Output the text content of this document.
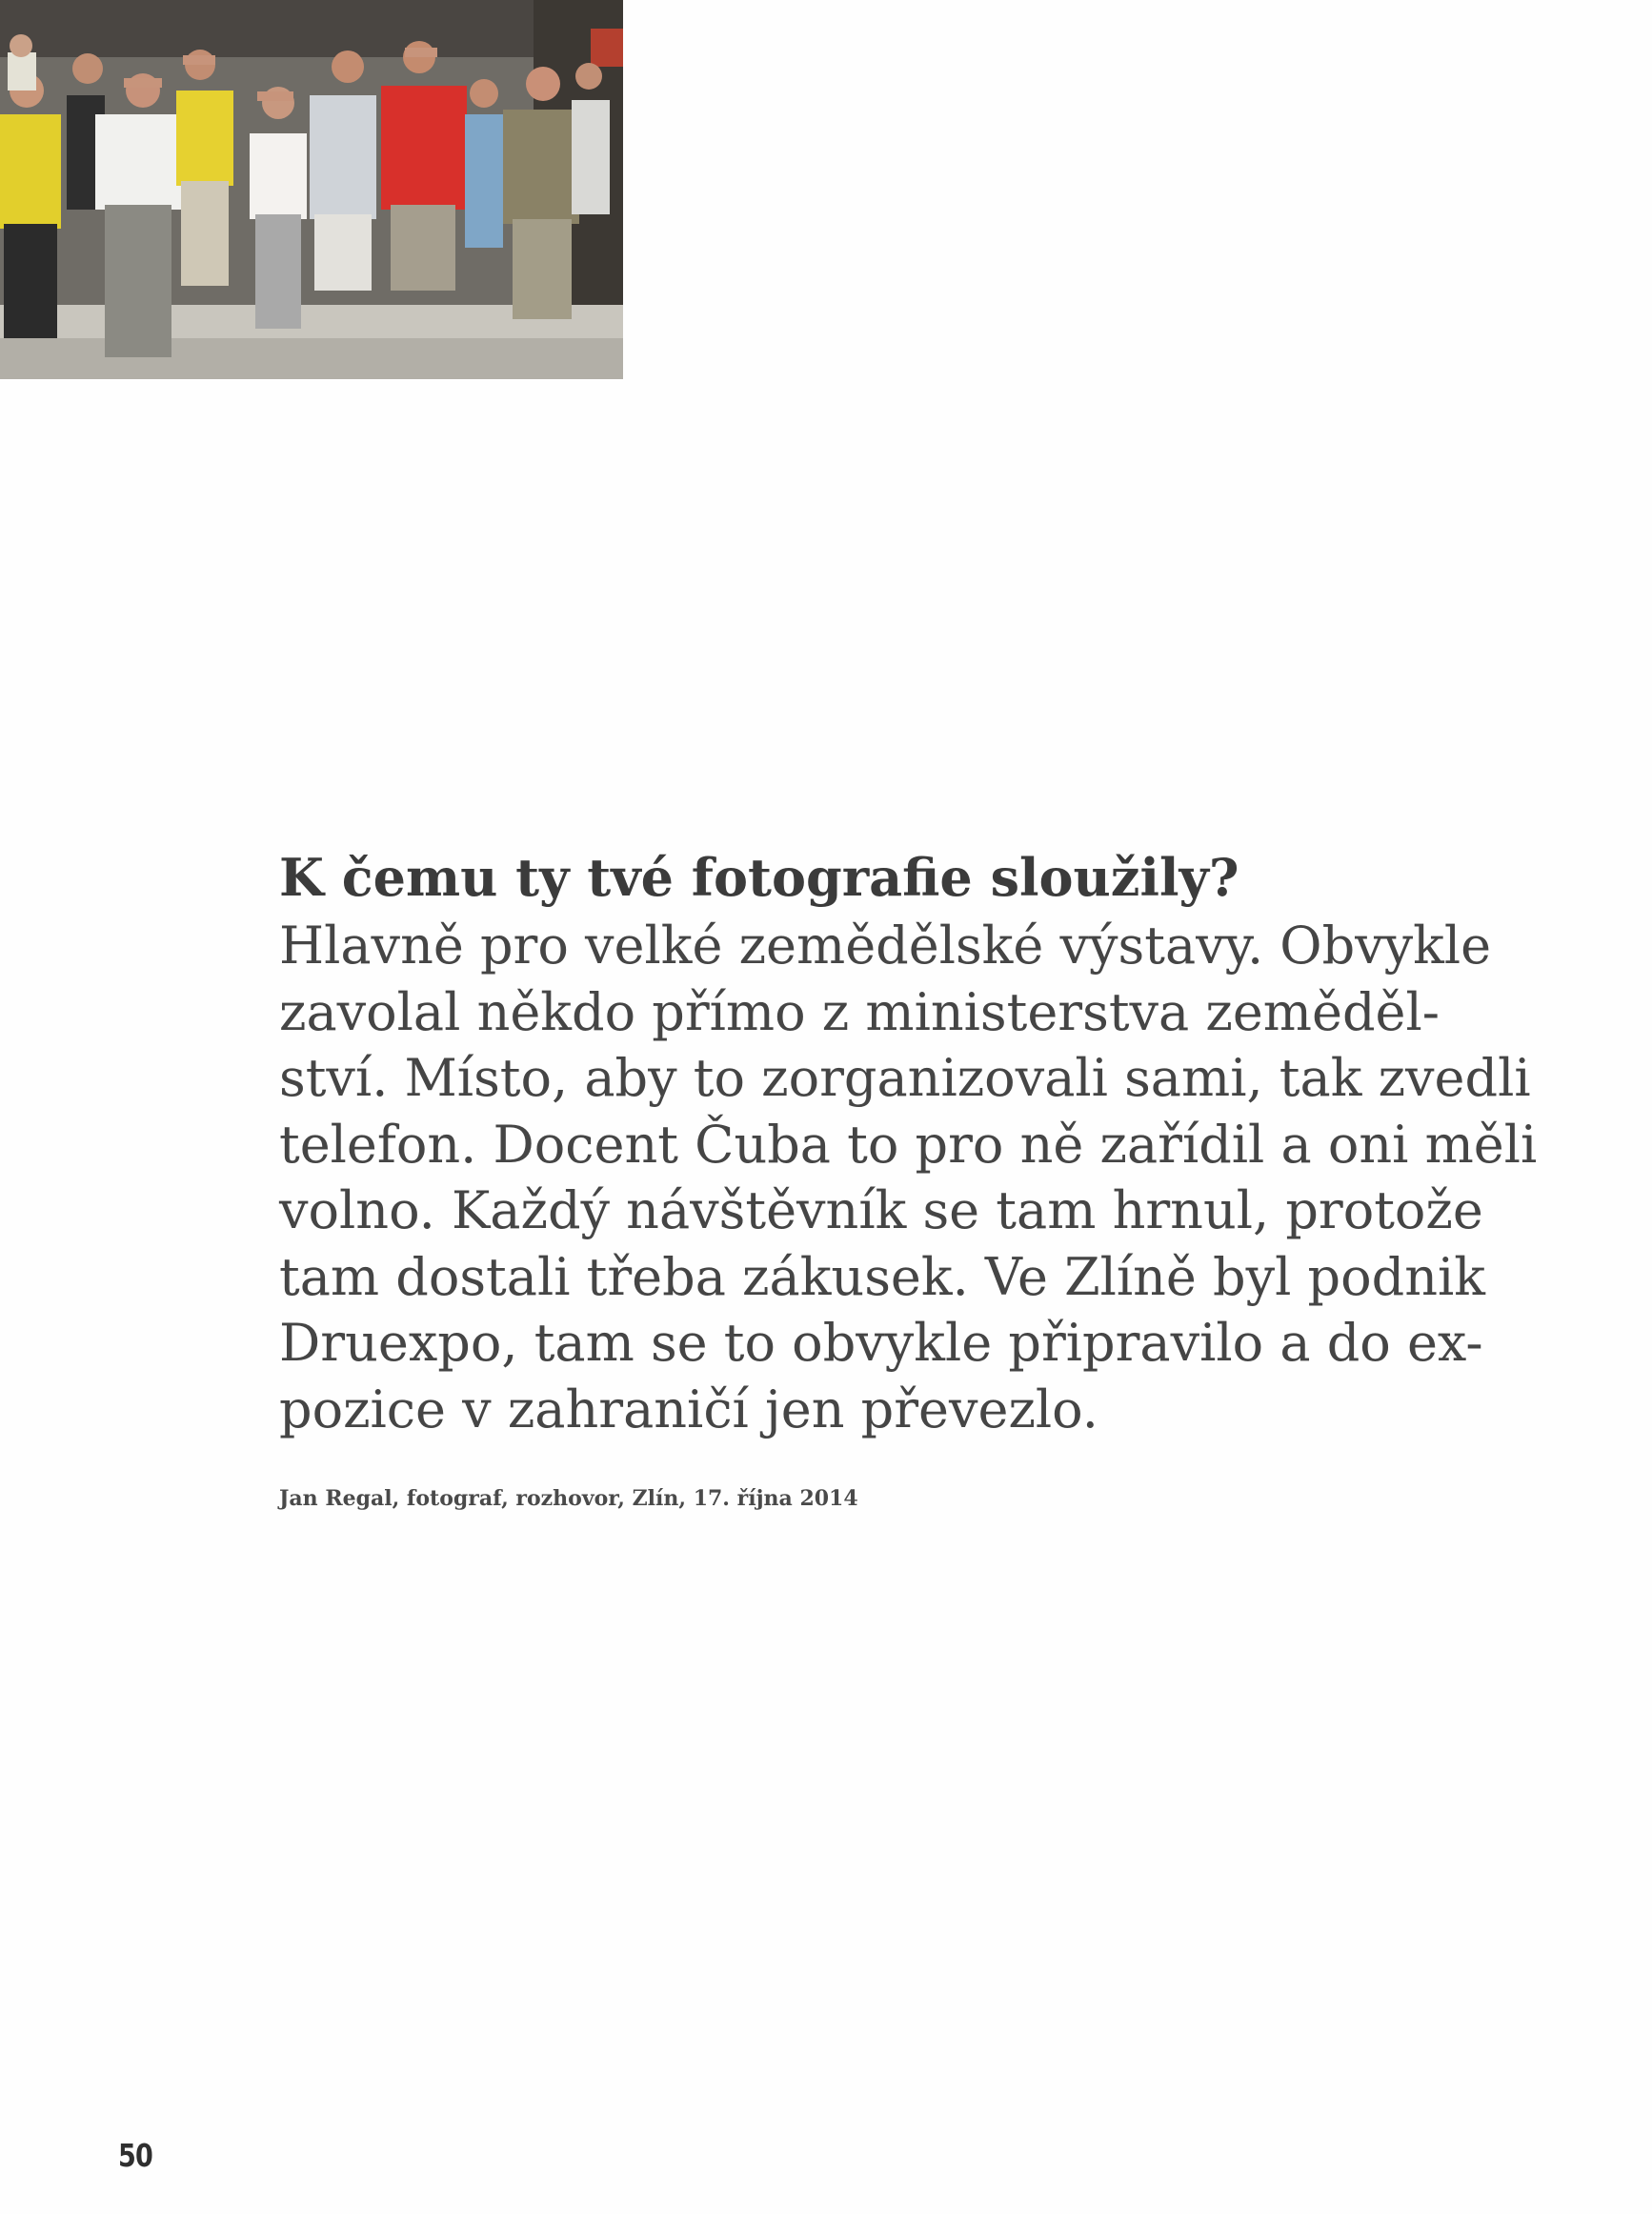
K čemu ty tvé fotografie sloužily?

Hlavně pro velké zemědělské výstavy. Obvykle
zavolal někdo přímo z ministerstva zeměděl-
ství. Místo, aby to zorganizovali sami, tak zvedli
telefon. Docent Čuba to pro ně zařídil a oni měli
volno. Každý návštěvník se tam hrnul, protože
tam dostali třeba zákusek. Ve Zlíně byl podnik
Druexpo, tam se to obvykle připravilo a do ex-
pozice v zahraničí jen převezlo.

Jan Regal, fotograf, rozhovor, Zlín, 17. října 2014

50
